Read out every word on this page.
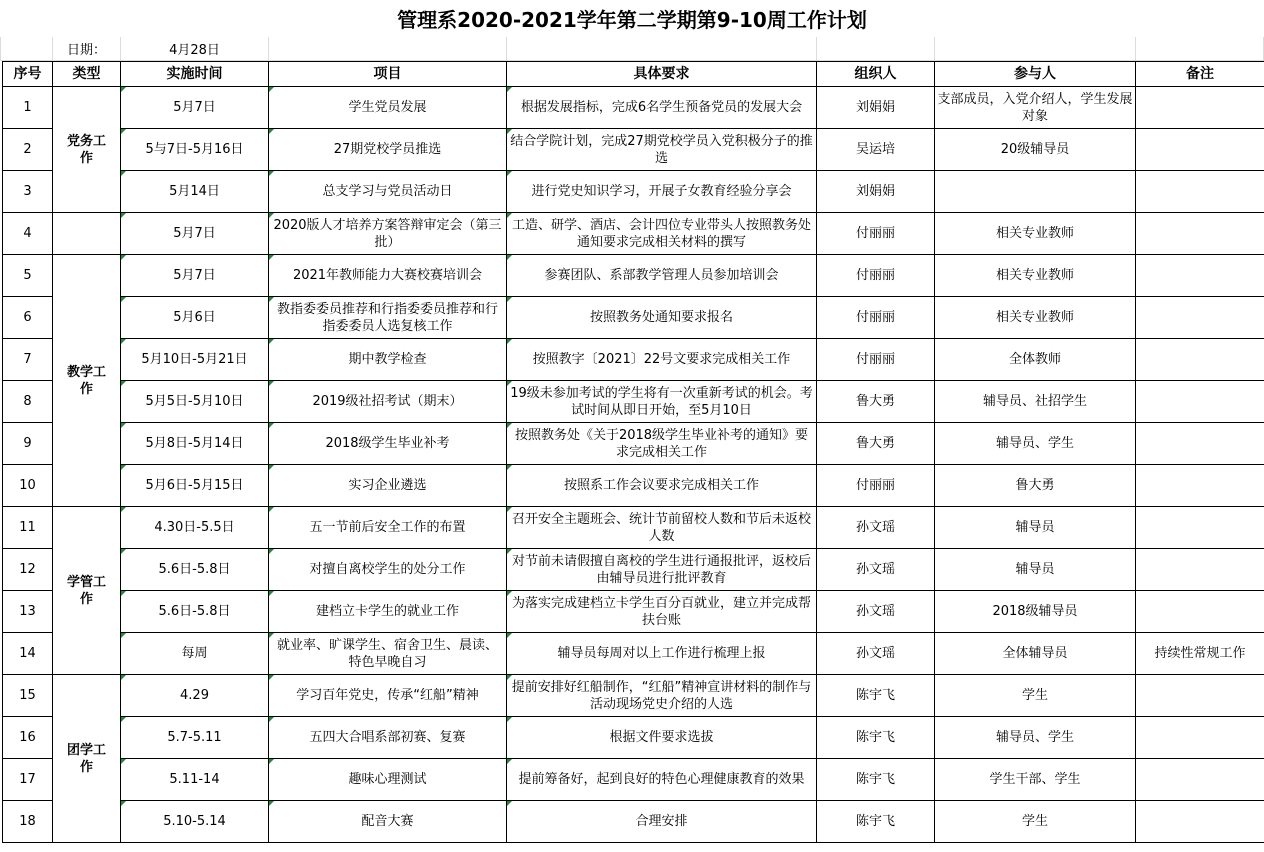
管理系2020-2021学年第二学期第9-10周工作计划
日期：	4月28日
序号	类型	实施时间	项目	具体要求	组织人	参与人	备注

1	党务工作	5月7日	学生党员发展	根据发展指标，完成6名学生预备党员的发展大会	刘娟娟	支部成员，入党介绍人，学生发展对象	

2		5与7日-5月16日	27期党校学员推选	结合学院计划，完成27期党校学员入党积极分子的推选	吴运培	20级辅导员	

3		5月14日	总支学习与党员活动日	进行党史知识学习，开展子女教育经验分享会	刘娟娟		

4		5月7日	2020版人才培养方案答辩审定会（第三批）	工造、研学、酒店、会计四位专业带头人按照教务处通知要求完成相关材料的撰写	付丽丽	相关专业教师	

5	教学工作	5月7日	2021年教师能力大赛校赛培训会	参赛团队、系部教学管理人员参加培训会	付丽丽	相关专业教师	

6		5月6日	教指委委员推荐和行指委委员推荐和行指委委员人选复核工作	按照教务处通知要求报名	付丽丽	相关专业教师	

7		5月10日-5月21日	期中教学检查	按照教字〔2021〕22号文要求完成相关工作	付丽丽	全体教师	

8		5月5日-5月10日	2019级社招考试（期末）	19级未参加考试的学生将有一次重新考试的机会。考试时间从即日开始，至5月10日	鲁大勇	辅导员、社招学生	

9		5月8日-5月14日	2018级学生毕业补考	按照教务处《关于2018级学生毕业补考的通知》要求完成相关工作	鲁大勇	辅导员、学生	

10		5月6日-5月15日	实习企业遴选	按照系工作会议要求完成相关工作	付丽丽	鲁大勇	

11	学管工作	4.30日-5.5日	五一节前后安全工作的布置	召开安全主题班会、统计节前留校人数和节后未返校人数	孙文瑶	辅导员	

12		5.6日-5.8日	对擅自离校学生的处分工作	对节前未请假擅自离校的学生进行通报批评，返校后由辅导员进行批评教育	孙文瑶	辅导员	

13		5.6日-5.8日	建档立卡学生的就业工作	为落实完成建档立卡学生百分百就业，建立并完成帮扶台账	孙文瑶	2018级辅导员	

14		每周	就业率、旷课学生、宿舍卫生、晨读、特色早晚自习	辅导员每周对以上工作进行梳理上报	孙文瑶	全体辅导员	持续性常规工作

15	团学工作	4.29	学习百年党史，传承“红船”精神	提前安排好红船制作，“红船”精神宣讲材料的制作与活动现场党史介绍的人选	陈宇飞	学生	

16		5.7-5.11	五四大合唱系部初赛、复赛	根据文件要求选拔	陈宇飞	辅导员、学生	

17		5.11-14	趣味心理测试	提前筹备好，起到良好的特色心理健康教育的效果	陈宇飞	学生干部、学生	

18		5.10-5.14	配音大赛	合理安排	陈宇飞	学生	
